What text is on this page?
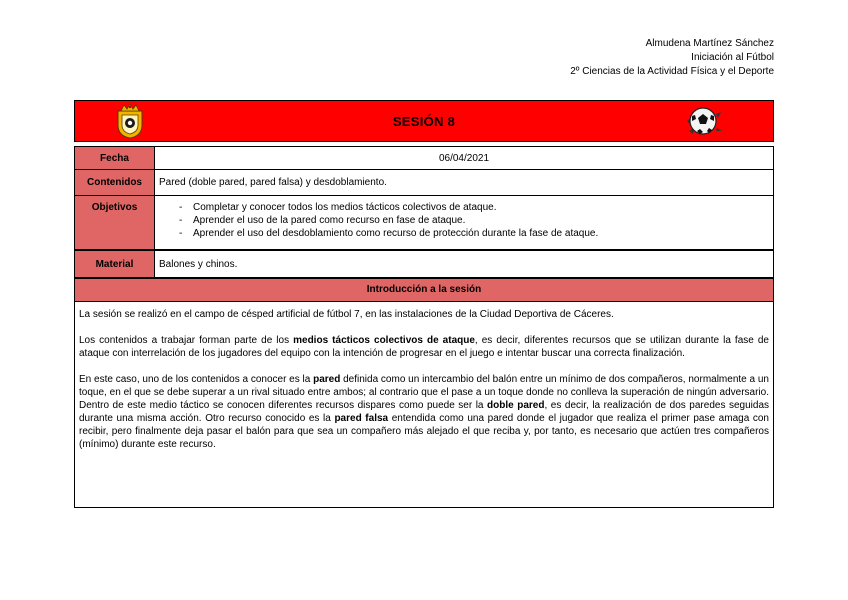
Almudena Martínez Sánchez
Iniciación al Fútbol
2º Ciencias de la Actividad Física y el Deporte
SESIÓN 8
Fecha	06/04/2021
Contenidos	Pared (doble pared, pared falsa) y desdoblamiento.
Objetivos
-	Completar y conocer todos los medios tácticos colectivos de ataque.
- Aprender el uso de la pared como recurso en fase de ataque.
- Aprender el uso del desdoblamiento como recurso de protección durante la fase de ataque.
Material	Balones y chinos.
Introducción a la sesión

La sesión se realizó en el campo de césped artificial de fútbol 7, en las instalaciones de la Ciudad Deportiva de Cáceres.

Los contenidos a trabajar forman parte de los medios tácticos colectivos de ataque, es decir, diferentes recursos que se utilizan durante la fase de ataque con interrelación de los jugadores del equipo con la intención de progresar en el juego e intentar buscar una correcta finalización.

En este caso, uno de los contenidos a conocer es la pared definida como un intercambio del balón entre un mínimo de dos compañeros, normalmente a un toque, en el que se debe superar a un rival situado entre ambos; al contrario que el pase a un toque donde no conlleva la superación de ningún adversario. Dentro de este medio táctico se conocen diferentes recursos dispares como puede ser la doble pared, es decir, la realización de dos paredes seguidas durante una misma acción. Otro recurso conocido es la pared falsa entendida como una pared donde el jugador que realiza el primer pase amaga con recibir, pero finalmente deja pasar el balón para que sea un compañero más alejado el que reciba y, por tanto, es necesario que actúen tres compañeros (mínimo) durante este recurso.
